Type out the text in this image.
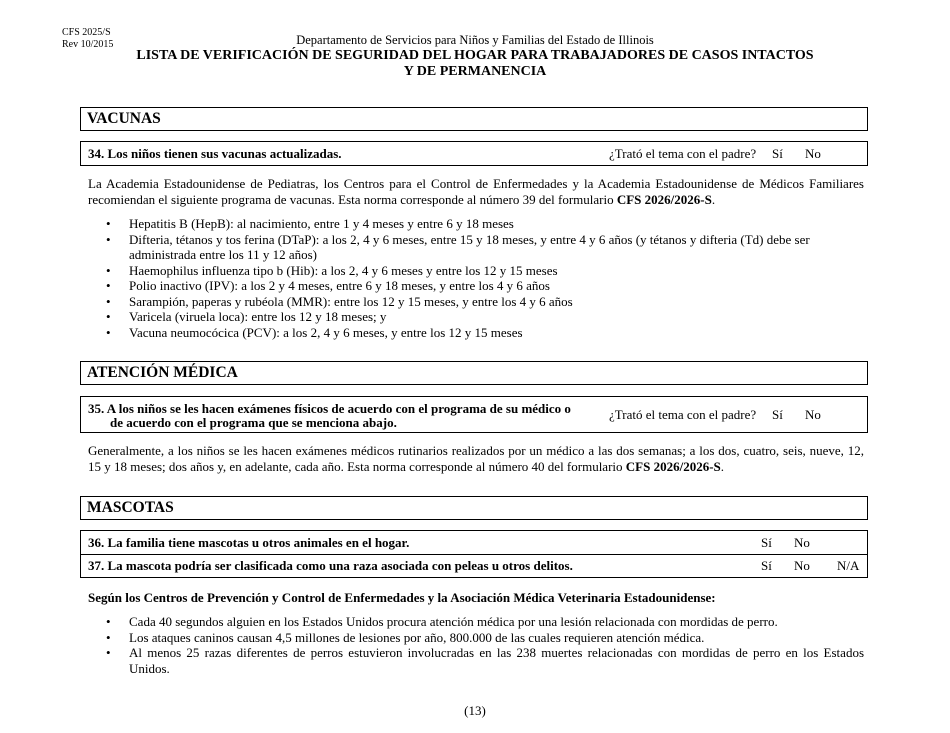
CFS 2025/S
Rev 10/2015	Departamento de Servicios para Niños y Familias del Estado de Illinois
LISTA DE VERIFICACIÓN DE SEGURIDAD DEL HOGAR PARA TRABAJADORES DE CASOS INTACTOS
Y DE PERMANENCIA
VACUNAS
34. Los niños tienen sus vacunas actualizadas.	¿Trató el tema con el padre? Sí No
La Academia Estadounidense de Pediatras, los Centros para el Control de Enfermedades y la Academia Estadounidense de Médicos Familiares recomiendan el siguiente programa de vacunas. Esta norma corresponde al número 39 del formulario CFS 2026/2026-S.
• Hepatitis B (HepB): al nacimiento, entre 1 y 4 meses y entre 6 y 18 meses
• Difteria, tétanos y tos ferina (DTaP): a los 2, 4 y 6 meses, entre 15 y 18 meses, y entre 4 y 6 años (y tétanos y difteria (Td) debe ser administrada entre los 11 y 12 años)
• Haemophilus influenza tipo b (Hib): a los 2, 4 y 6 meses y entre los 12 y 15 meses
• Polio inactivo (IPV): a los 2 y 4 meses, entre 6 y 18 meses, y entre los 4 y 6 años
• Sarampión, paperas y rubéola (MMR): entre los 12 y 15 meses, y entre los 4 y 6 años
• Varicela (viruela loca): entre los 12 y 18 meses; y
• Vacuna neumocócica (PCV): a los 2, 4 y 6 meses, y entre los 12 y 15 meses
ATENCIÓN MÉDICA
35. A los niños se les hacen exámenes físicos de acuerdo con el programa de su médico o
de acuerdo con el programa que se menciona abajo.
¿Trató el tema con el padre? Sí No
Generalmente, a los niños se les hacen exámenes médicos rutinarios realizados por un médico a las dos semanas; a los dos, cuatro, seis, nueve, 12, 15 y 18 meses; dos años y, en adelante, cada año. Esta norma corresponde al número 40 del formulario CFS 2026/2026-S.
MASCOTAS
36. La familia tiene mascotas u otros animales en el hogar.	Sí No
37. La mascota podría ser clasificada como una raza asociada con peleas u otros delitos.	Sí No N/A
Según los Centros de Prevención y Control de Enfermedades y la Asociación Médica Veterinaria Estadounidense:
• Cada 40 segundos alguien en los Estados Unidos procura atención médica por una lesión relacionada con mordidas de perro.
• Los ataques caninos causan 4,5 millones de lesiones por año, 800.000 de las cuales requieren atención médica.
• Al menos 25 razas diferentes de perros estuvieron involucradas en las 238 muertes relacionadas con mordidas de perro en los Estados Unidos.
(13)
